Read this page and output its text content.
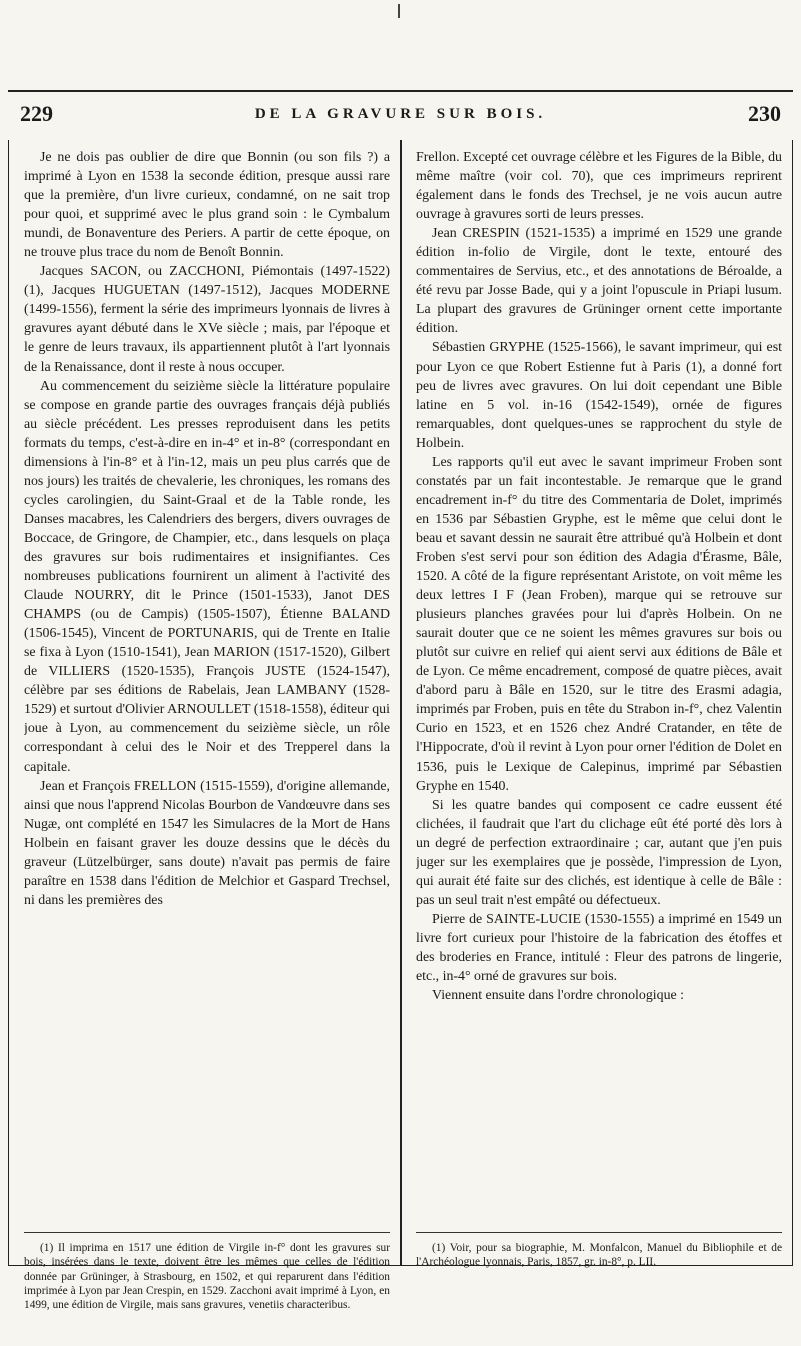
229	DE LA GRAVURE SUR BOIS.	230

Je ne dois pas oublier de dire que Bonnin (ou son fils ?) a imprimé à Lyon en 1538 la seconde édition, presque aussi rare que la première, d'un livre curieux, condamné, on ne sait trop pour quoi, et supprimé avec le plus grand soin : le Cymbalum mundi, de Bonaventure des Periers. A partir de cette époque, on ne trouve plus trace du nom de Benoît Bonnin.

Jacques SACON, ou ZACCHONI, Piémontais (1497-1522) (1), Jacques HUGUETAN (1497-1512), Jacques MODERNE (1499-1556), ferment la série des imprimeurs lyonnais de livres à gravures ayant débuté dans le XVe siècle ; mais, par l'époque et le genre de leurs travaux, ils appartiennent plutôt à l'art lyonnais de la Renaissance, dont il reste à nous occuper.

Au commencement du seizième siècle la littérature populaire se compose en grande partie des ouvrages français déjà publiés au siècle précédent. Les presses reproduisent dans les petits formats du temps, c'est-à-dire en in-4° et in-8° (correspondant en dimensions à l'in-8° et à l'in-12, mais un peu plus carrés que de nos jours) les traités de chevalerie, les chroniques, les romans des cycles carolingien, du Saint-Graal et de la Table ronde, les Danses macabres, les Calendriers des bergers, divers ouvrages de Boccace, de Gringore, de Champier, etc., dans lesquels on plaça des gravures sur bois rudimentaires et insignifiantes. Ces nombreuses publications fournirent un aliment à l'activité des Claude NOURRY, dit le Prince (1501-1533), Janot DES CHAMPS (ou de Campis) (1505-1507), Étienne BALAND (1506-1545), Vincent de PORTUNARIS, qui de Trente en Italie se fixa à Lyon (1510-1541), Jean MARION (1517-1520), Gilbert de VILLIERS (1520-1535), François JUSTE (1524-1547), célèbre par ses éditions de Rabelais, Jean LAMBANY (1528-1529) et surtout d'Olivier ARNOULLET (1518-1558), éditeur qui joue à Lyon, au commencement du seizième siècle, un rôle correspondant à celui des le Noir et des Trepperel dans la capitale.

Jean et François FRELLON (1515-1559), d'origine allemande, ainsi que nous l'apprend Nicolas Bourbon de Vandœuvre dans ses Nugæ, ont complété en 1547 les Simulacres de la Mort de Hans Holbein en faisant graver les douze dessins que le décès du graveur (Lützelbürger, sans doute) n'avait pas permis de faire paraître en 1538 dans l'édition de Melchior et Gaspard Trechsel, ni dans les premières des

(1) Il imprima en 1517 une édition de Virgile in-f° dont les gravures sur bois, insérées dans le texte, doivent être les mêmes que celles de l'édition donnée par Grüninger, à Strasbourg, en 1502, et qui reparurent dans l'édition imprimée à Lyon par Jean Crespin, en 1529. Zacchoni avait imprimé à Lyon, en 1499, une édition de Virgile, mais sans gravures, venetiis characteribus.

Frellon. Excepté cet ouvrage célèbre et les Figures de la Bible, du même maître (voir col. 70), que ces imprimeurs reprirent également dans le fonds des Trechsel, je ne vois aucun autre ouvrage à gravures sorti de leurs presses.

Jean CRESPIN (1521-1535) a imprimé en 1529 une grande édition in-folio de Virgile, dont le texte, entouré des commentaires de Servius, etc., et des annotations de Béroalde, a été revu par Josse Bade, qui y a joint l'opuscule in Priapi lusum. La plupart des gravures de Grüninger ornent cette importante édition.

Sébastien GRYPHE (1525-1566), le savant imprimeur, qui est pour Lyon ce que Robert Estienne fut à Paris (1), a donné fort peu de livres avec gravures. On lui doit cependant une Bible latine en 5 vol. in-16 (1542-1549), ornée de figures remarquables, dont quelques-unes se rapprochent du style de Holbein.

Les rapports qu'il eut avec le savant imprimeur Froben sont constatés par un fait incontestable. Je remarque que le grand encadrement in-f° du titre des Commentaria de Dolet, imprimés en 1536 par Sébastien Gryphe, est le même que celui dont le beau et savant dessin ne saurait être attribué qu'à Holbein et dont Froben s'est servi pour son édition des Adagia d'Érasme, Bâle, 1520. A côté de la figure représentant Aristote, on voit même les deux lettres I F (Jean Froben), marque qui se retrouve sur plusieurs planches gravées pour lui d'après Holbein. On ne saurait douter que ce ne soient les mêmes gravures sur bois ou plutôt sur cuivre en relief qui aient servi aux éditions de Bâle et de Lyon. Ce même encadrement, composé de quatre pièces, avait d'abord paru à Bâle en 1520, sur le titre des Erasmi adagia, imprimés par Froben, puis en tête du Strabon in-f°, chez Valentin Curio en 1523, et en 1526 chez André Cratander, en tête de l'Hippocrate, d'où il revint à Lyon pour orner l'édition de Dolet en 1536, puis le Lexique de Calepinus, imprimé par Sébastien Gryphe en 1540.

Si les quatre bandes qui composent ce cadre eussent été clichées, il faudrait que l'art du clichage eût été porté dès lors à un degré de perfection extraordinaire ; car, autant que j'en puis juger sur les exemplaires que je possède, l'impression de Lyon, qui aurait été faite sur des clichés, est identique à celle de Bâle : pas un seul trait n'est empâté ou défectueux.

Pierre de SAINTE-LUCIE (1530-1555) a imprimé en 1549 un livre fort curieux pour l'histoire de la fabrication des étoffes et des broderies en France, intitulé : Fleur des patrons de lingerie, etc., in-4° orné de gravures sur bois.

Viennent ensuite dans l'ordre chronologique :

(1) Voir, pour sa biographie, M. Monfalcon, Manuel du Bibliophile et de l'Archéologue lyonnais, Paris, 1857, gr. in-8°, p. LII.
